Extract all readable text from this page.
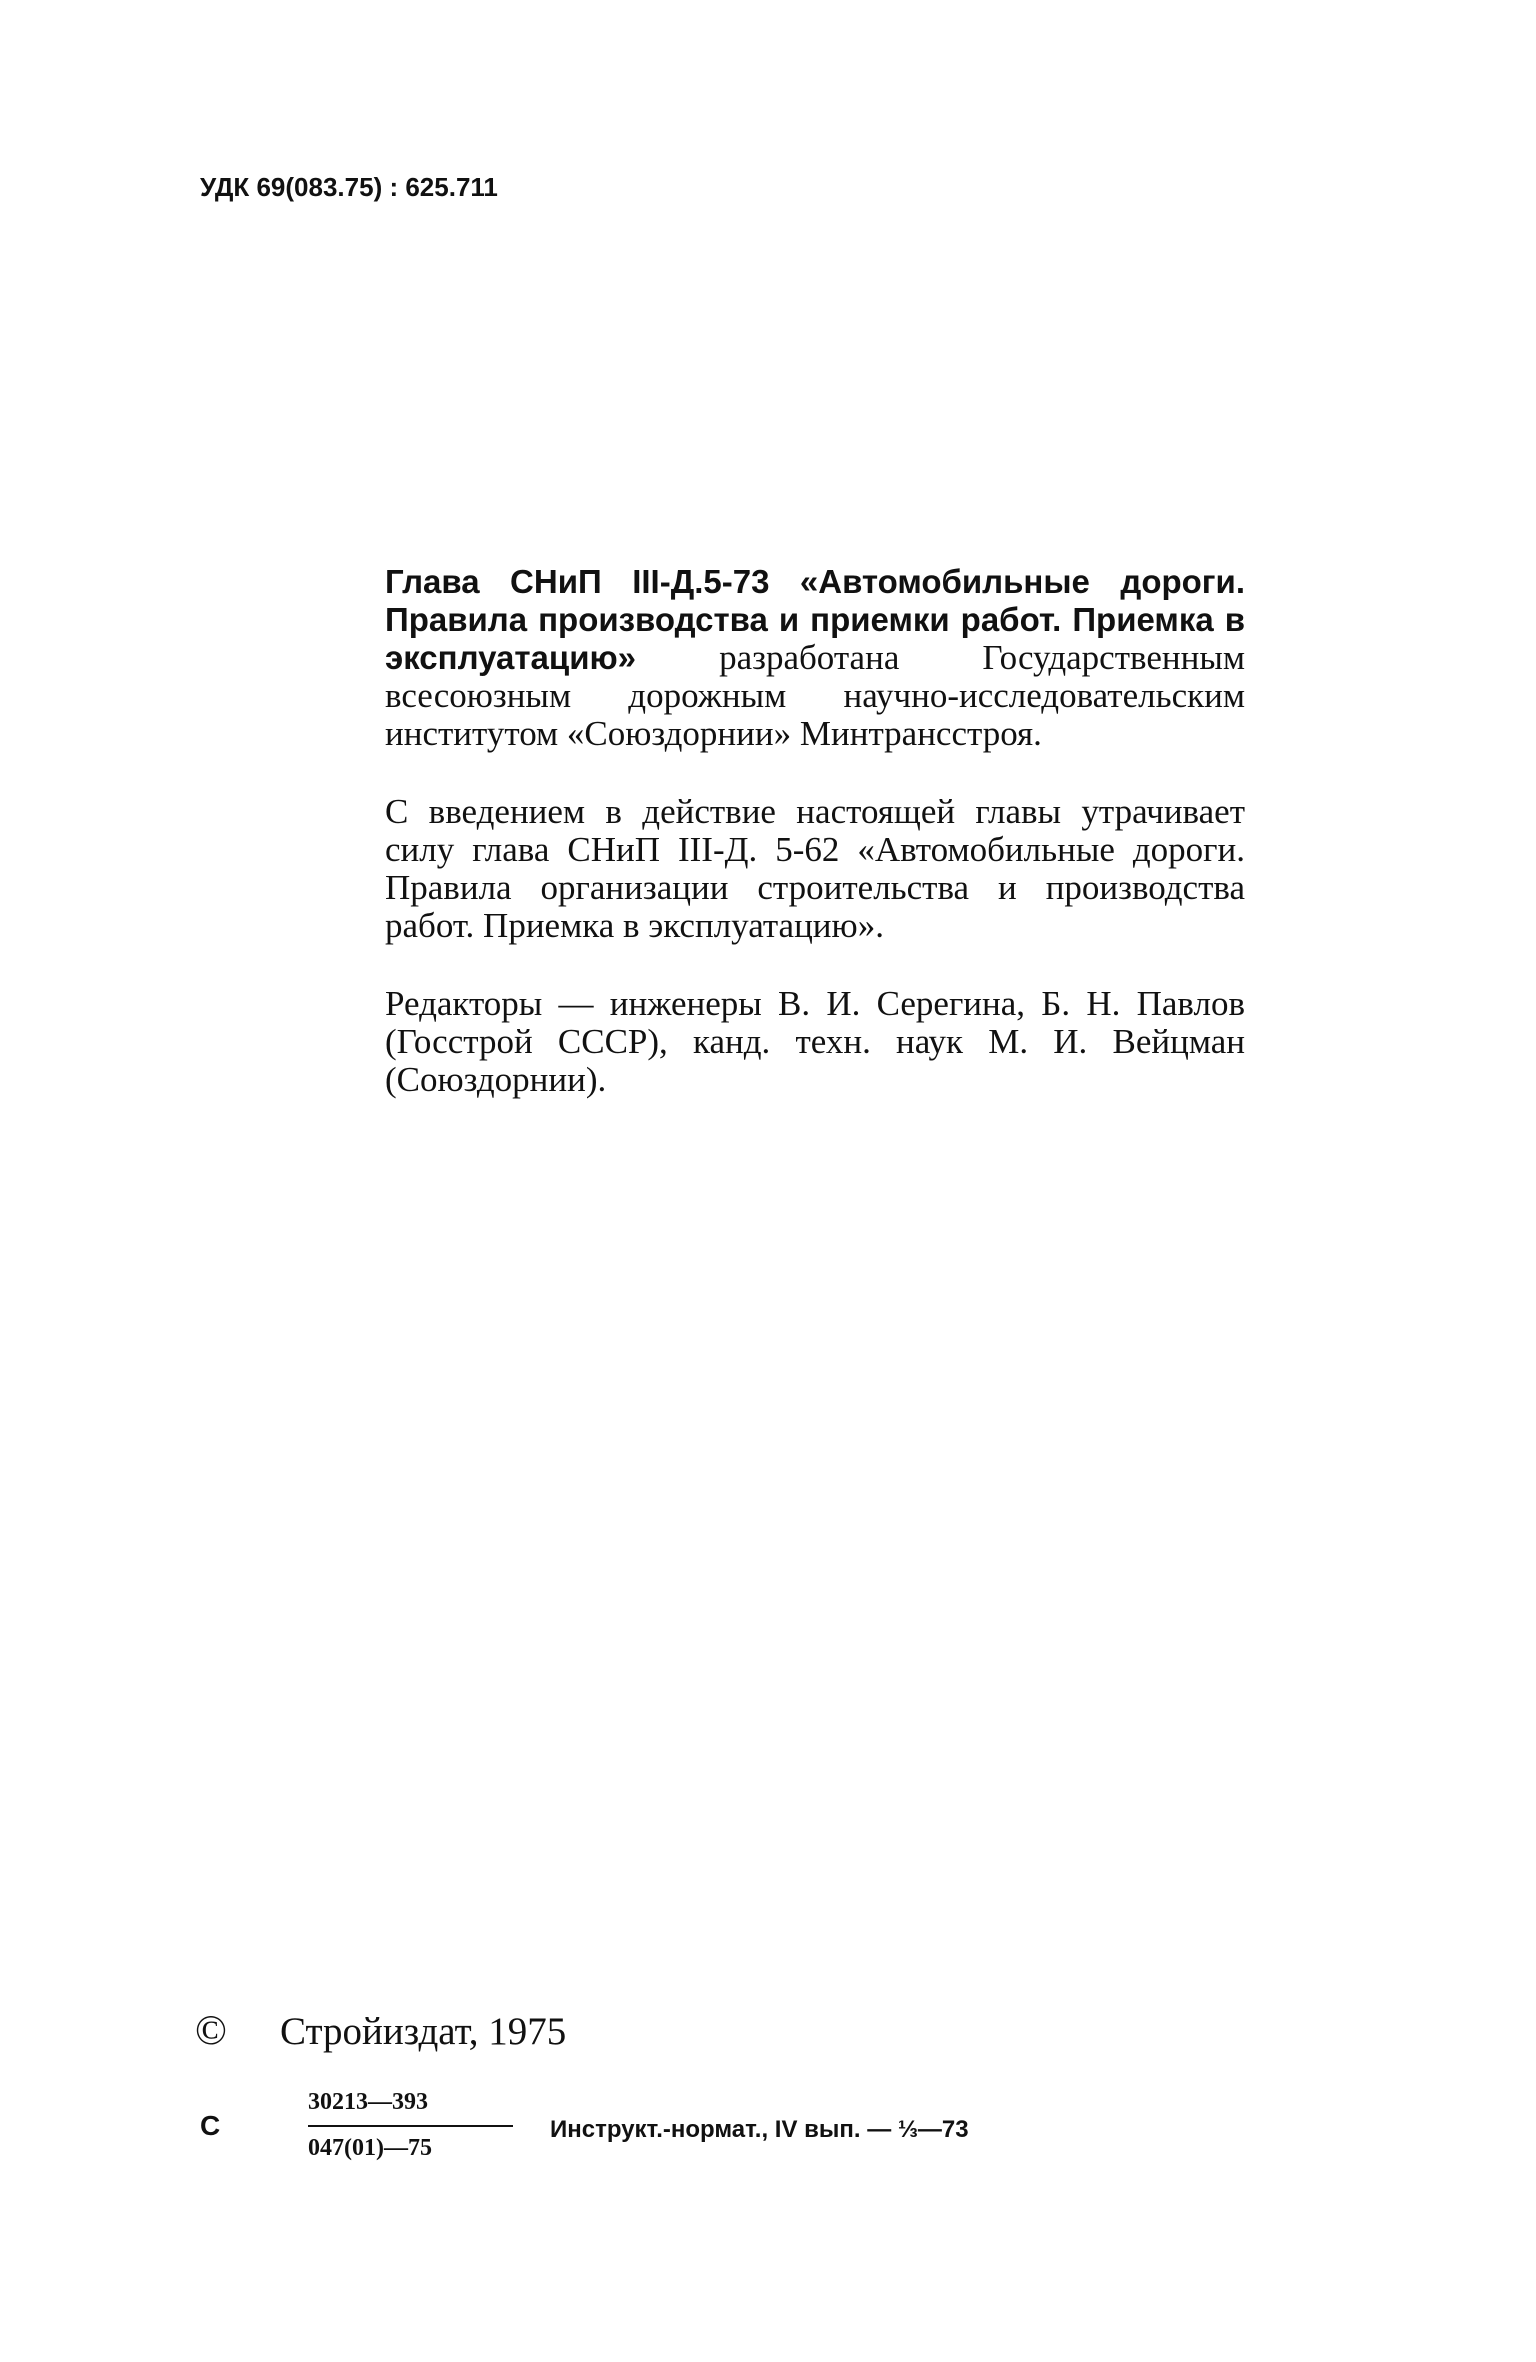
УДК 69(083.75) : 625.711

Глава СНиП III-Д.5-73 «Автомобильные дороги. Правила производства и приемки работ. Приемка в эксплуатацию» разработана Государственным всесоюзным дорожным научно-исследовательским институтом «Союздорнии» Минтрансстроя.

С введением в действие настоящей главы утрачивает силу глава СНиП III-Д. 5-62 «Автомобильные дороги. Правила организации строительства и производства работ. Приемка в эксплуатацию».

Редакторы — инженеры В. И. Серегина, Б. Н. Павлов (Госстрой СССР), канд. техн. наук М. И. Вейцман (Союздорнии).

©	Стройиздат, 1975
С
30213—393
047(01)—75
Инструкт.-нормат., IV вып. — ⅓—73
